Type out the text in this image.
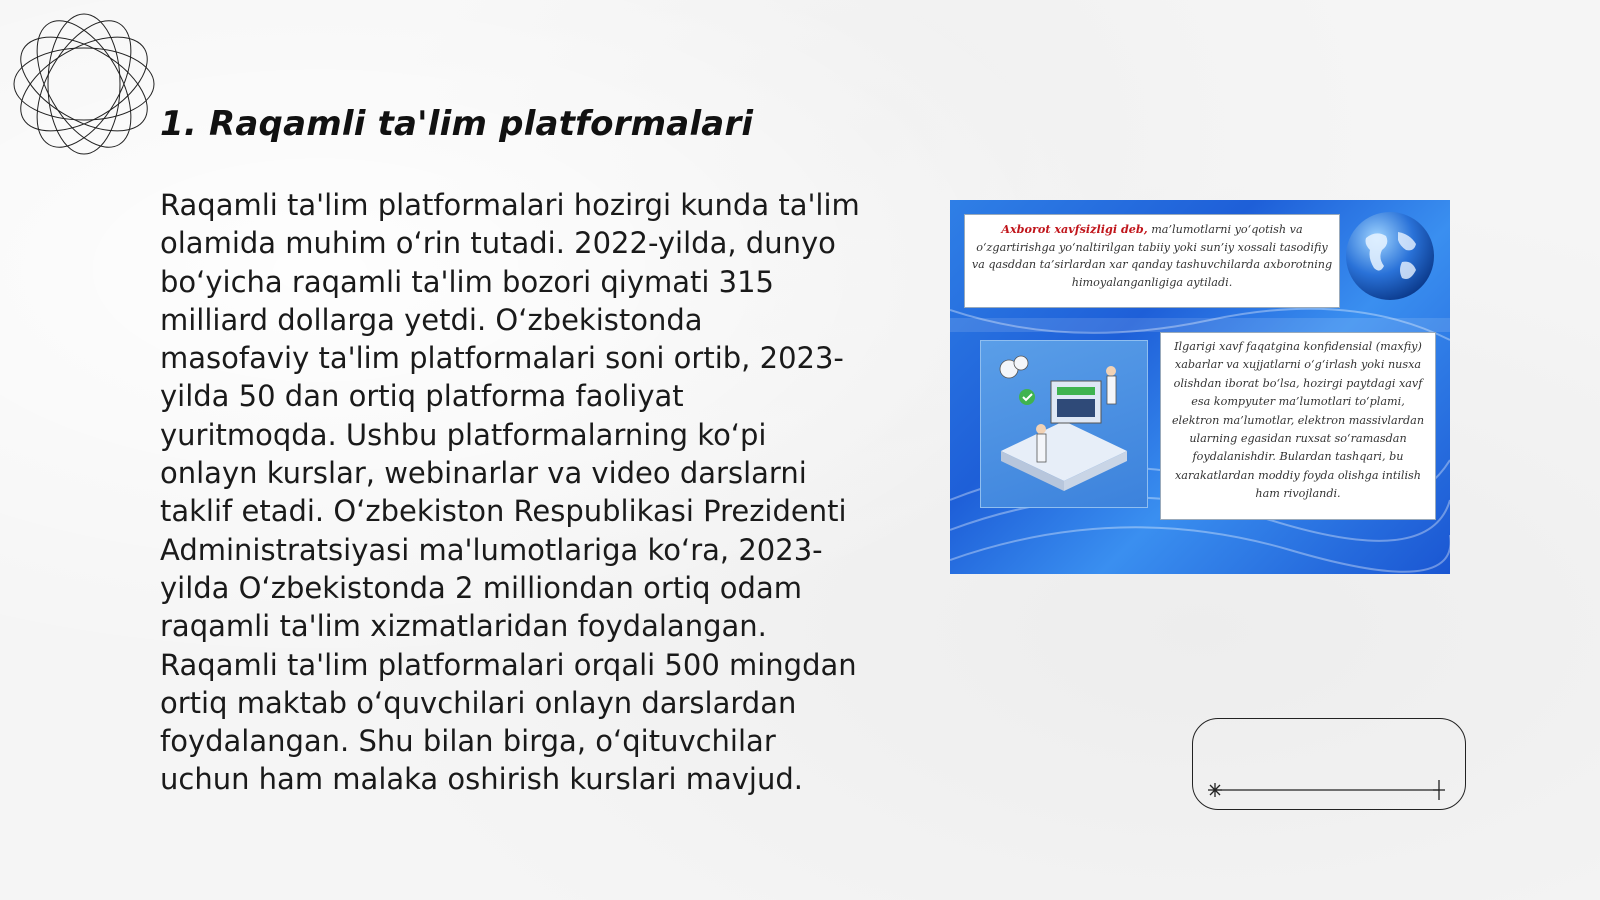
1. Raqamli ta'lim platformalari

Raqamli ta'lim platformalari hozirgi kunda ta'lim olamida muhim o‘rin tutadi. 2022-yilda, dunyo bo‘yicha raqamli ta'lim bozori qiymati 315 milliard dollarga yetdi. O‘zbekistonda masofaviy ta'lim platformalari soni ortib, 2023-yilda 50 dan ortiq platforma faoliyat yuritmoqda. Ushbu platformalarning ko‘pi onlayn kurslar, webinarlar va video darslarni taklif etadi. O‘zbekiston Respublikasi Prezidenti Administratsiyasi ma'lumotlariga ko‘ra, 2023-yilda O‘zbekistonda 2 milliondan ortiq odam raqamli ta'lim xizmatlaridan foydalangan. Raqamli ta'lim platformalari orqali 500 mingdan ortiq maktab o‘quvchilari onlayn darslardan foydalangan. Shu bilan birga, o‘qituvchilar uchun ham malaka oshirish kurslari mavjud.

Axborot xavfsizligi deb, ma’lumotlarni yo‘qotish va o‘zgartirishga yo‘naltirilgan tabiiy yoki sun’iy xossali tasodifiy va qasddan ta’sirlardan xar qanday tashuvchilarda axborotning himoyalanganligiga aytiladi.
Ilgarigi xavf faqatgina konfidensial (maxfiy) xabarlar va xujjatlarni o‘g‘irlash yoki nusxa olishdan iborat bo‘lsa, hozirgi paytdagi xavf esa kompyuter ma’lumotlari to‘plami, elektron ma’lumotlar, elektron massivlardan ularning egasidan ruxsat so‘ramasdan foydalanishdir. Bulardan tashqari, bu xarakatlardan moddiy foyda olishga intilish ham rivojlandi.
